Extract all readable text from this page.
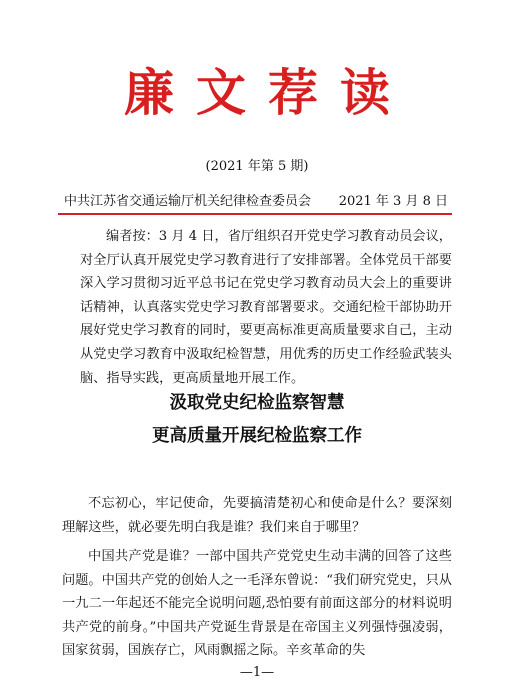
廉文荐读
(2021 年第 5 期)
中共江苏省交通运输厅机关纪律检查委员会 2021 年 3 月 8 日

编者按：3 月 4 日，省厅组织召开党史学习教育动员会议，对全厅认真开展党史学习教育进行了安排部署。全体党员干部要深入学习贯彻习近平总书记在党史学习教育动员大会上的重要讲话精神，认真落实党史学习教育部署要求。交通纪检干部协助开展好党史学习教育的同时，要更高标准更高质量要求自己，主动从党史学习教育中汲取纪检智慧，用优秀的历史工作经验武装头脑、指导实践，更高质量地开展工作。

汲取党史纪检监察智慧
更高质量开展纪检监察工作

不忘初心，牢记使命，先要搞清楚初心和使命是什么？要深刻理解这些，就必要先明白我是谁？我们来自于哪里？

中国共产党是谁？一部中国共产党党史生动丰满的回答了这些问题。中国共产党的创始人之一毛泽东曾说：“我们研究党史，只从一九二一年起还不能完全说明问题,恐怕要有前面这部分的材料说明共产党的前身。”中国共产党诞生背景是在帝国主义列强恃强凌弱，国家贫弱，国族存亡，风雨飘摇之际。辛亥革命的失

—1—
